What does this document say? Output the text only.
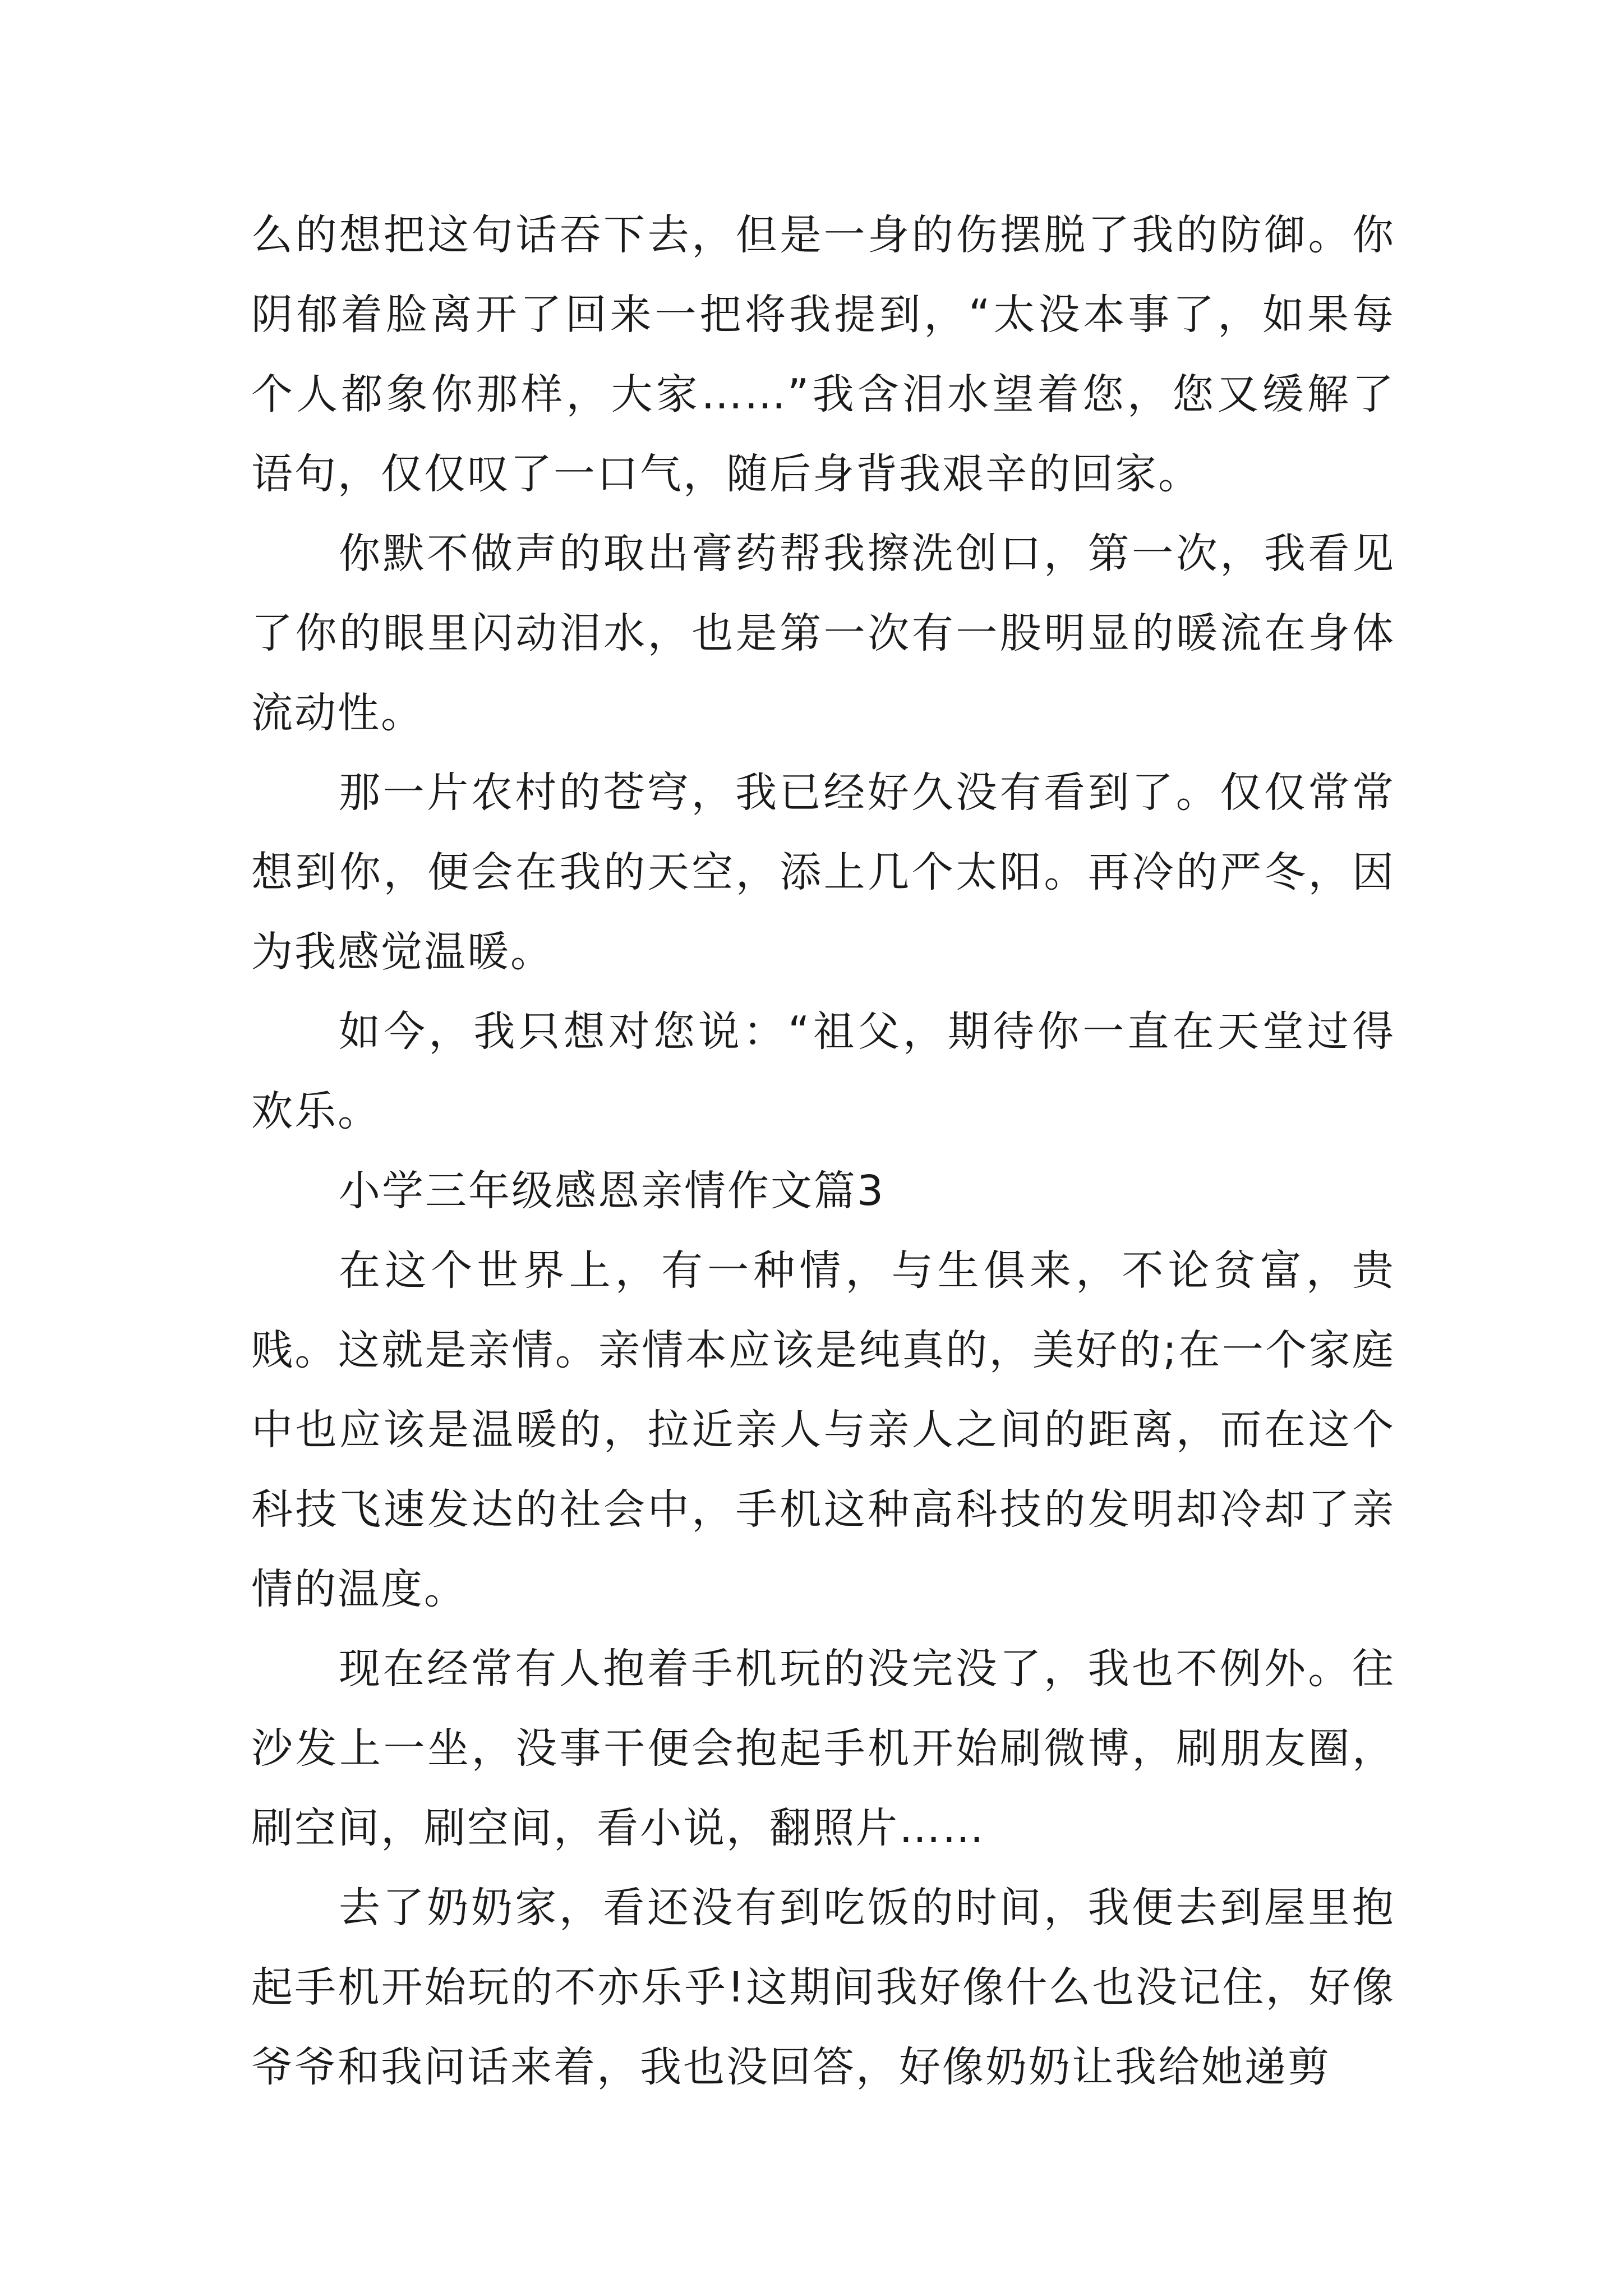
么的想把这句话吞下去，但是一身的伤摆脱了我的防御。你阴郁着脸离开了回来一把将我提到，“太没本事了，如果每个人都象你那样，大家……”我含泪水望着您，您又缓解了语句，仅仅叹了一口气，随后身背我艰辛的回家。

你默不做声的取出膏药帮我擦洗创口，第一次，我看见了你的眼里闪动泪水，也是第一次有一股明显的暖流在身体流动性。

那一片农村的苍穹，我已经好久没有看到了。仅仅常常想到你，便会在我的天空，添上几个太阳。再冷的严冬，因为我感觉温暖。

如今，我只想对您说：“祖父，期待你一直在天堂过得欢乐。

小学三年级感恩亲情作文篇3

在这个世界上，有一种情，与生俱来，不论贫富，贵贱。这就是亲情。亲情本应该是纯真的，美好的;在一个家庭中也应该是温暖的，拉近亲人与亲人之间的距离，而在这个科技飞速发达的社会中，手机这种高科技的发明却冷却了亲情的温度。

现在经常有人抱着手机玩的没完没了，我也不例外。往沙发上一坐，没事干便会抱起手机开始刷微博，刷朋友圈，刷空间，刷空间，看小说，翻照片……

去了奶奶家，看还没有到吃饭的时间，我便去到屋里抱起手机开始玩的不亦乐乎!这期间我好像什么也没记住，好像爷爷和我问话来着，我也没回答，好像奶奶让我给她递剪
